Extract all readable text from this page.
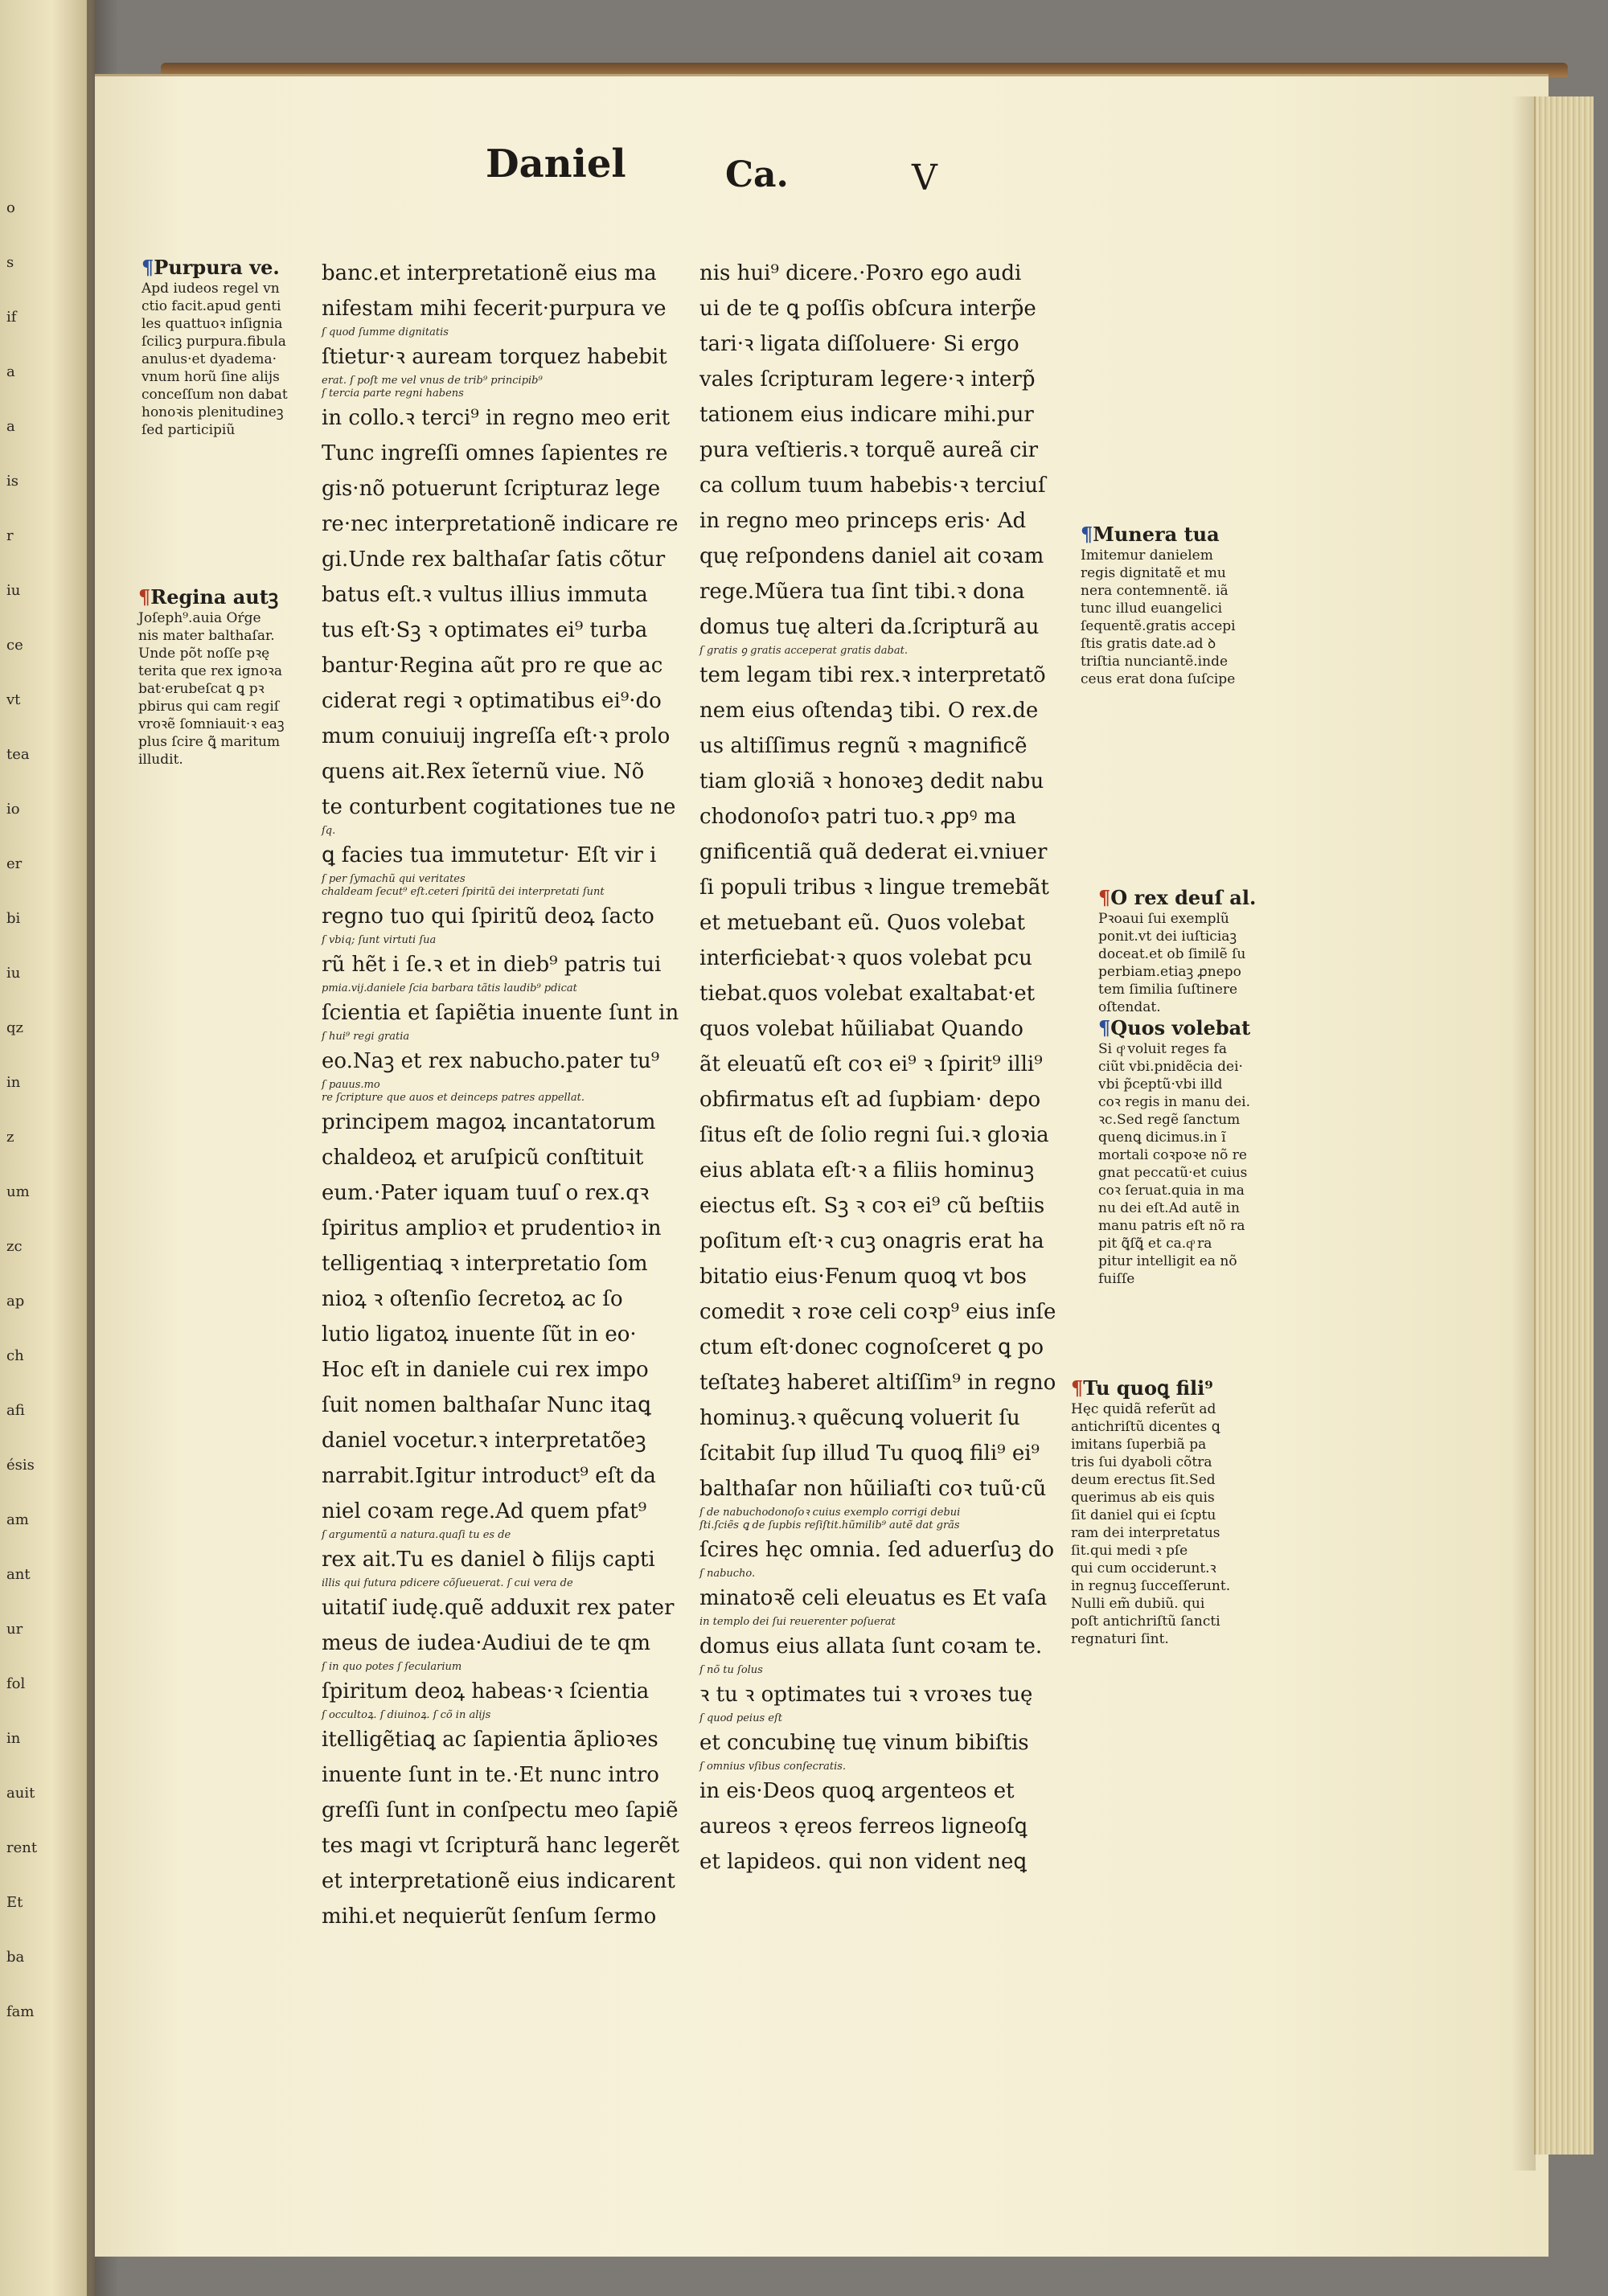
o
s
if
a
a
is
r
iu
ce
vt
tea
io
er
bi
iu
qz
in
z
um
zc
ap
ch
afi
ésis
am
ant
ur
fol
in
auit
rent
Et
ba
fam
Daniel	Ca.	V
banc.et interpretationẽ eius ma
nifestam mihi fecerit·purpura ve
ſ quod ſumme dignitatis
ſtietur·ꝛ auream torquez habebit
erat. ſ poſt me vel vnus de trib⁹ principib⁹
ſ tercia parte regni habens
in collo.ꝛ terci⁹ in regno meo erit
Tunc ingreſſi omnes ſapientes re
gis·nõ potuerunt ſcripturaz lege
re·nec interpretationẽ indicare re
gi.Unde rex balthaſar ſatis cõtur
batus eſt.ꝛ vultus illius immuta
tus eſt·Sꝫ ꝛ optimates ei⁹ turba
bantur·Regina aũt pro re que ac
ciderat regi ꝛ optimatibus ei⁹·do
mum conuiuij ingreſſa eſt·ꝛ prolo
quens ait.Rex ĩeternũ viue. Nõ
te conturbent cogitationes tue ne
ſq.
ꝗ facies tua immutetur· Eſt vir i
ſ per ſymachũ qui veritates
chaldeam ſecut⁹ eſt.ceteri ſpiritũ dei interpretati ſunt
regno tuo qui ſpiritũ deoꝝ ſacto
ſ vbiq; ſunt virtuti ſua
rũ hẽt i ſe.ꝛ et in dieb⁹ patris tui
pmia.vij.daniele ſcia barbara tãtis laudib⁹ pdicat
ſcientia et ſapiẽtia inuente ſunt in
ſ hui⁹ regi gratia
eo.Naꝫ et rex nabucho.pater tu⁹
ſ pauus.mo
re ſcripture que auos et deinceps patres appellat.
principem magoꝝ incantatorum
chaldeoꝝ et aruſpicũ conſtituit
eum.·Pater iquam tuuſ o rex.qꝛ
ſpiritus amplioꝛ et prudentioꝛ in
telligentiaꝗ ꝛ interpretatio ſom
nioꝝ ꝛ oſtenſio ſecretoꝝ ac ſo
lutio ligatoꝝ inuente ſũt in eo·
Hoc eſt in daniele cui rex impo
ſuit nomen balthaſar Nunc itaꝗ
daniel vocetur.ꝛ interpretatõeꝫ
narrabit.Igitur introduct⁹ eſt da
niel coꝛam rege.Ad quem pfat⁹
ſ argumentũ a natura.quaſi tu es de
rex ait.Tu es daniel ꝺ filijs capti
illis qui futura pdicere cõſueuerat. ſ cui vera de
uitatiſ iudę.quẽ adduxit rex pater
meus de iudea·Audiui de te qm
ſ in quo potes ſ ſecularium
ſpiritum deoꝝ habeas·ꝛ ſcientia
ſ occultoꝝ. ſ diuinoꝝ. ſ cõ in alijs
itelligẽtiaꝗ ac ſapientia ãplioꝛes
inuente ſunt in te.·Et nunc intro
greſſi ſunt in conſpectu meo ſapiẽ
tes magi vt ſcripturã hanc legerẽt
et interpretationẽ eius indicarent
mihi.et nequierũt ſenſum ſermo
nis hui⁹ dicere.·Poꝛro ego audi
ui de te ꝗ poſſis obſcura interp̃e
tari·ꝛ ligata diſſoluere· Si ergo
vales ſcripturam legere·ꝛ interp̃
tationem eius indicare mihi.pur
pura veſtieris.ꝛ torquẽ aureã cir
ca collum tuum habebis·ꝛ terciuſ
in regno meo princeps eris· Ad
quę reſpondens daniel ait coꝛam
rege.Mũera tua ſint tibi.ꝛ dona
domus tuę alteri da.ſcripturã au
ſ gratis ꝯ gratis acceperat gratis dabat.
tem legam tibi rex.ꝛ interpretatõ
nem eius oſtendaꝫ tibi. O rex.de
us altiſſimus regnũ ꝛ magnificẽ
tiam gloꝛiã ꝛ honoꝛeꝫ dedit nabu
chodonoſoꝛ patri tuo.ꝛ ꝓpꝰ ma
gnificentiã quã dederat ei.vniuer
ſi populi tribus ꝛ lingue tremebãt
et metuebant eũ. Quos volebat
interficiebat·ꝛ quos volebat pcu
tiebat.quos volebat exaltabat·et
quos volebat hũiliabat Quando
ãt eleuatũ eſt coꝛ ei⁹ ꝛ ſpirit⁹ illi⁹
obfirmatus eſt ad ſupbiam· depo
ſitus eſt de ſolio regni ſui.ꝛ gloꝛia
eius ablata eſt·ꝛ a filiis hominuꝫ
eiectus eſt. Sꝫ ꝛ coꝛ ei⁹ cũ beſtiis
poſitum eſt·ꝛ cuꝫ onagris erat ha
bitatio eius·Fenum quoꝗ vt bos
comedit ꝛ roꝛe celi coꝛp⁹ eius inſe
ctum eſt·donec cognoſceret ꝗ po
teſtateꝫ haberet altiſſim⁹ in regno
hominuꝫ.ꝛ quẽcunꝗ voluerit ſu
ſcitabit ſup illud Tu quoꝗ fili⁹ ei⁹
balthaſar non hũiliaſti coꝛ tuũ·cũ
ſ de nabuchodonoſoꝛ cuius exemplo corrigi debui
ſti.ſciẽs ꝗ de ſupbis reſiſtit.hũmilib⁹ autẽ dat grãs
ſcires hęc omnia. ſed aduerſuꝫ do
ſ nabucho.
minatoꝛẽ celi eleuatus es Et vaſa
in templo dei ſui reuerenter poſuerat
domus eius allata ſunt coꝛam te.
ſ nõ tu ſolus
ꝛ tu ꝛ optimates tui ꝛ vroꝛes tuę
ſ quod peius eſt
et concubinę tuę vinum bibiſtis
ſ omnius vſibus conſecratis.
in eis·Deos quoꝗ argenteos et
aureos ꝛ ęreos ferreos ligneoſꝗ
et lapideos. qui non vident neꝗ
¶Purpura ve.
Apd iudeos regel vn
ctio facit.apud genti
les quattuoꝛ inſignia
ſcilicꝫ purpura.fibula
anulus·et dyadema·
vnum horũ ſine alijs
conceſſum non dabat
honoꝛis plenitudineꝫ
ſed participiũ
¶Regina autꝫ
Joſeph⁹.auia Oŕge
nis mater balthaſar.
Unde põt noſſe pꝛę
terita que rex ignoꝛa
bat·erubeſcat ꝗ pꝛ
pbirus qui cam regiſ
vroꝛẽ ſomniauit·ꝛ eaꝫ
plus ſcire ꝗ̃ maritum
illudit.
¶Munera tua
Imitemur danielem
regis dignitatẽ et mu
nera contemnentẽ. iã
tunc illud euangelici
ſequentẽ.gratis accepi
ſtis gratis date.ad ꝺ
triſtia nunciantẽ.inde
ceus erat dona ſuſcipe
¶O rex deuſ al.
Pꝛoaui ſui exemplũ
ponit.vt dei iuſticiaꝫ
doceat.et ob ſimilẽ ſu
perbiam.etiaꝫ ꝓnepo
tem ſimilia ſuſtinere
oſtendat.
¶Quos volebat
Si qͦ voluit reges fa
ciũt vbi.pnidẽcia dei·
vbi p̃ceptũ·vbi illd
coꝛ regis in manu dei.
ꝛc.Sed regẽ ſanctum
quenꝗ dicimus.in ĩ
mortali coꝛpoꝛe nõ re
gnat peccatũ·et cuius
coꝛ ſeruat.quia in ma
nu dei eſt.Ad autẽ in
manu patris eſt nõ ra
pit ꝗ̃ſꝗ̃ et ca.qͦ ra
pitur intelligit ea nõ
fuiſſe
¶Tu quoꝗ fili⁹
Hęc quidã referũt ad
antichriſtũ dicentes ꝗ
imitans ſuperbiã pa
tris ſui dyaboli cõtra
deum erectus ſit.Sed
querimus ab eis quis
ſit daniel qui ei ſcptu
ram dei interpretatus
ſit.qui medi ꝛ pſe
qui cum occiderunt.ꝛ
in regnuꝫ ſucceſſerunt.
Nulli em̃ dubiũ. qui
poſt antichriſtũ ſancti
regnaturi ſint.
